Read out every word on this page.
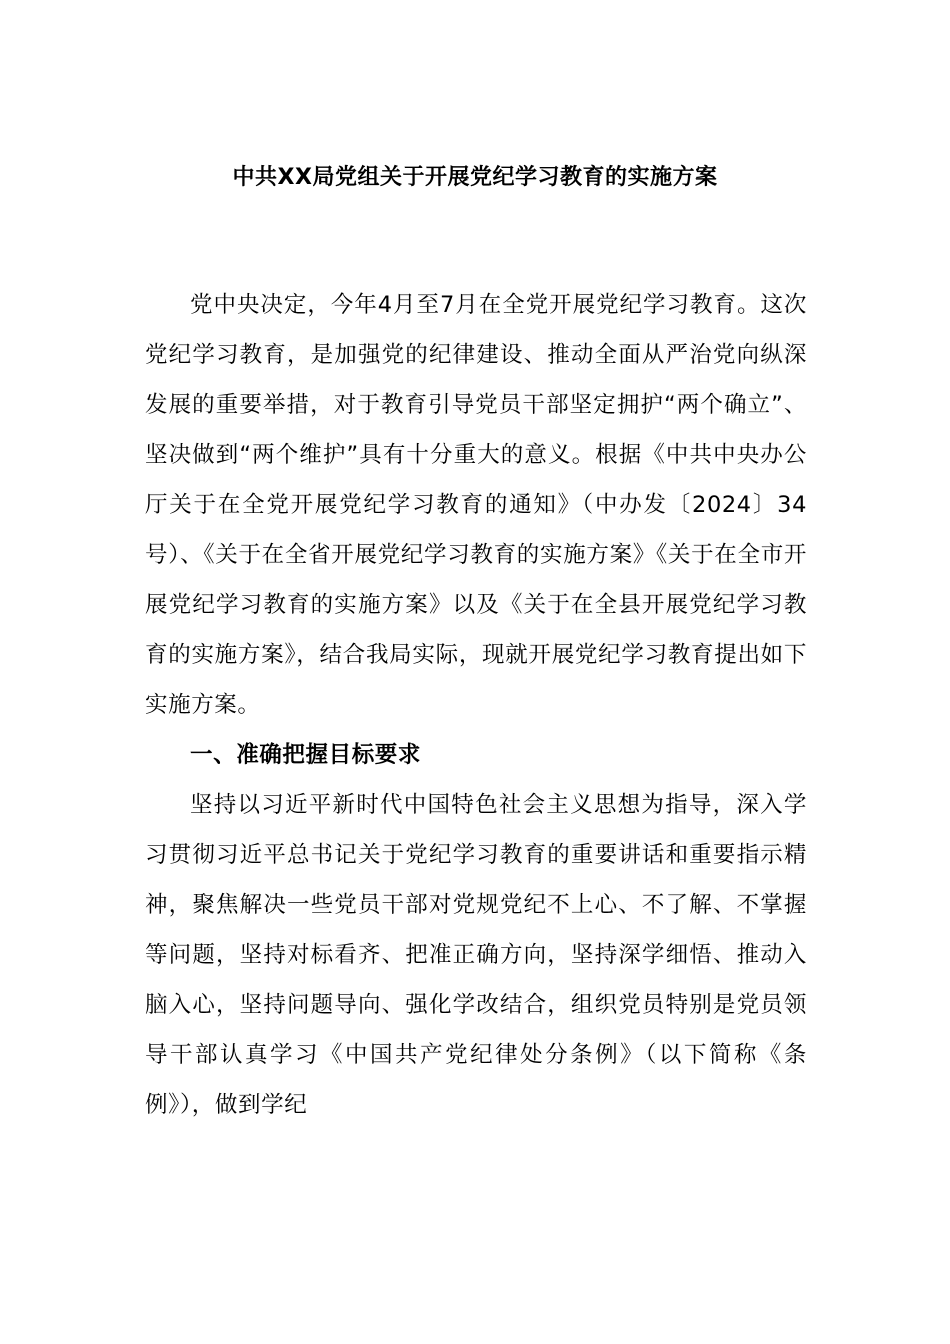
中共XX局党组关于开展党纪学习教育的实施方案

党中央决定，今年4月至7月在全党开展党纪学习教育。这次党纪学习教育，是加强党的纪律建设、推动全面从严治党向纵深发展的重要举措，对于教育引导党员干部坚定拥护“两个确立”、坚决做到“两个维护”具有十分重大的意义。根据《中共中央办公厅关于在全党开展党纪学习教育的通知》（中办发〔2024〕34号）、《关于在全省开展党纪学习教育的实施方案》《关于在全市开展党纪学习教育的实施方案》以及《关于在全县开展党纪学习教育的实施方案》，结合我局实际，现就开展党纪学习教育提出如下实施方案。

一、准确把握目标要求

坚持以习近平新时代中国特色社会主义思想为指导，深入学习贯彻习近平总书记关于党纪学习教育的重要讲话和重要指示精神，聚焦解决一些党员干部对党规党纪不上心、不了解、不掌握等问题，坚持对标看齐、把准正确方向，坚持深学细悟、推动入脑入心，坚持问题导向、强化学改结合，组织党员特别是党员领导干部认真学习《中国共产党纪律处分条例》（以下简称《条例》），做到学纪
